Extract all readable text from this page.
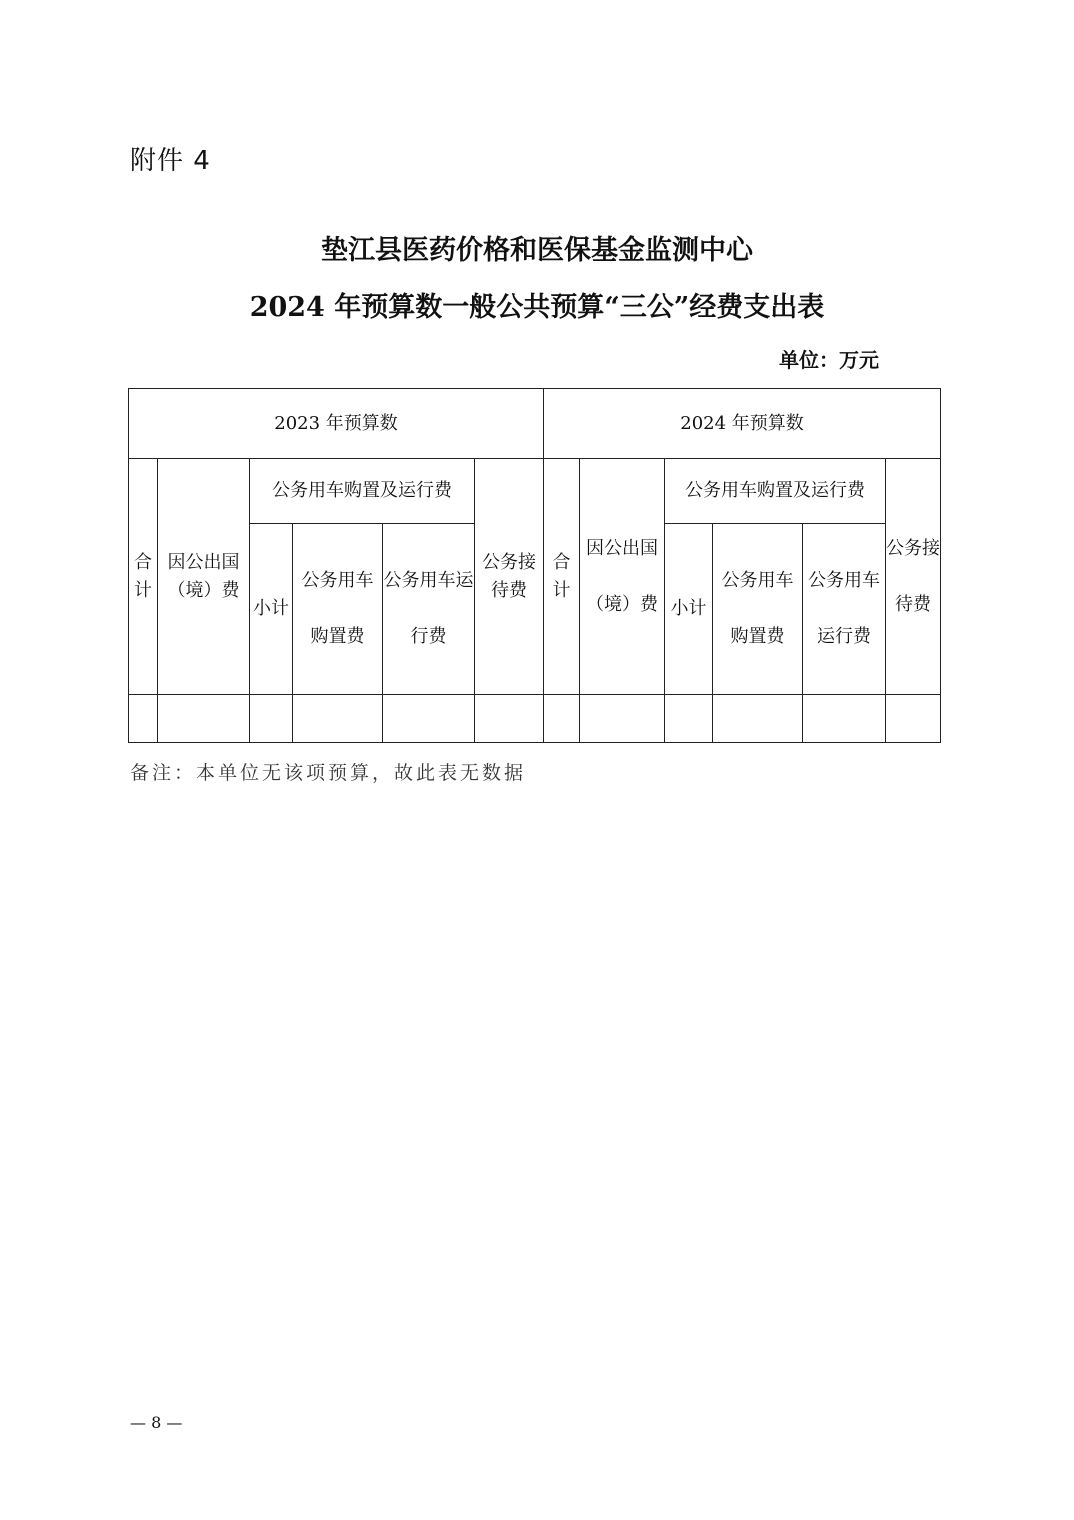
附件 4
垫江县医药价格和医保基金监测中心
2024 年预算数一般公共预算“三公”经费支出表
单位：万元
2023 年预算数						2024 年预算数					
合计	因公出国（境）费	公务用车购置及运行费			公务接待费	合计	因公出国（境）费	公务用车购置及运行费			公务接待费
		小计	公务用车购置费	公务用车运行费				小计	公务用车购置费	公务用车运行费	

备注：本单位无该项预算，故此表无数据
— 8 —
